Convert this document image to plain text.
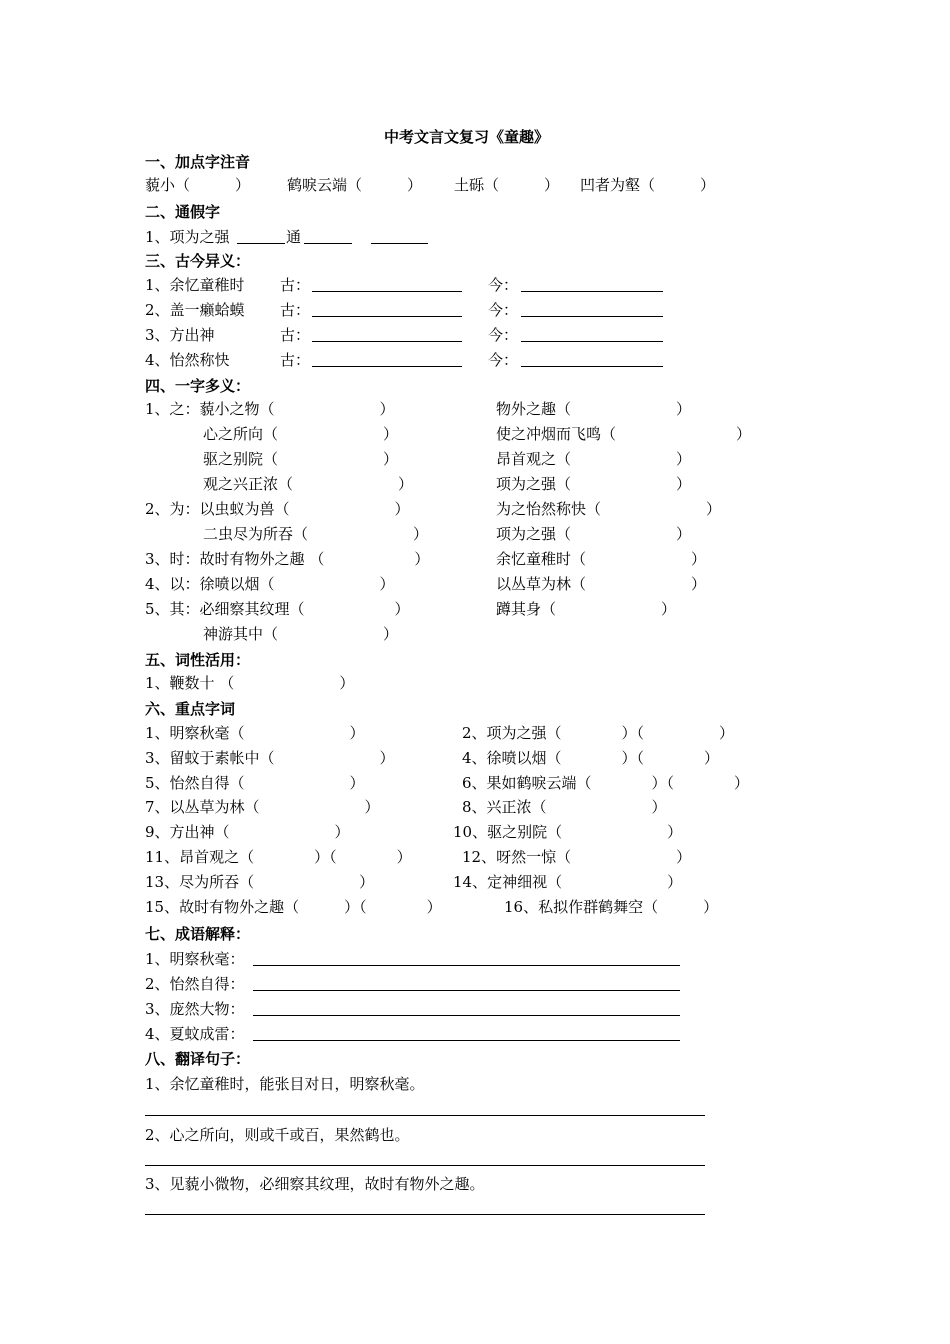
中考文言文复习《童趣》
一、加点字注音
藐小（　　　） 鹤唳云端（　　　） 土砾（　　　） 凹者为壑（　　　）
二、通假字
1、项为之强	通
三、古今异义：
1、余忆童稚时 古：	今：
2、盖一癞蛤蟆 古：	今：
3、方出神	古：	今：
4、怡然称快	古：	今：
四、一字多义：
1、之：藐小之物（　　　　　　　）	物外之趣（　　　　　　　）
心之所向（　　　　　　　）	使之冲烟而飞鸣（　　　　　　　　）
驱之别院（　　　　　　　）	昂首观之（　　　　　　　）
观之兴正浓（　　　　　　　）	项为之强（　　　　　　　）
2、为：以虫蚁为兽（　　　　　　　）	为之怡然称快（　　　　　　　）
二虫尽为所吞（　　　　　　　）	项为之强（　　　　　　　）
3、时：故时有物外之趣 （　　　　　　）	余忆童稚时（　　　　　　　）
4、以：徐喷以烟（　　　　　　　）	以丛草为林（　　　　　　　）
5、其：必细察其纹理（　　　　　　）	蹲其身（　　　　　　　）
神游其中（　　　　　　　）
五、词性活用：
1、鞭数十 （　　　　　　　）
六、重点字词
1、明察秋毫（　　　　　　　）	2、项为之强（　　　　）（　　　　　）
3、留蚊于素帐中（　　　　　　　）	4、徐喷以烟（　　　　）（　　　　）
5、怡然自得（　　　　　　　）	6、果如鹤唳云端（　　　　）（　　　　）
7、以丛草为林（　　　　　　　）	8、兴正浓（　　　　　　　）
9、方出神（　　　　　　　）	10、驱之别院（　　　　　　　）
11、昂首观之（　　　　）（　　　　）	12、呀然一惊（　　　　　　　）
13、尽为所吞（　　　　　　　）	14、定神细视（　　　　　　　）
15、故时有物外之趣（　　　）（　　　　）	16、私拟作群鹤舞空（　　　）
七、成语解释：
1、明察秋毫：
2、怡然自得：
3、庞然大物：
4、夏蚊成雷：
八、翻译句子：
1、余忆童稚时，能张目对日，明察秋毫。
2、心之所向，则或千或百，果然鹤也。
3、见藐小微物，必细察其纹理，故时有物外之趣。
